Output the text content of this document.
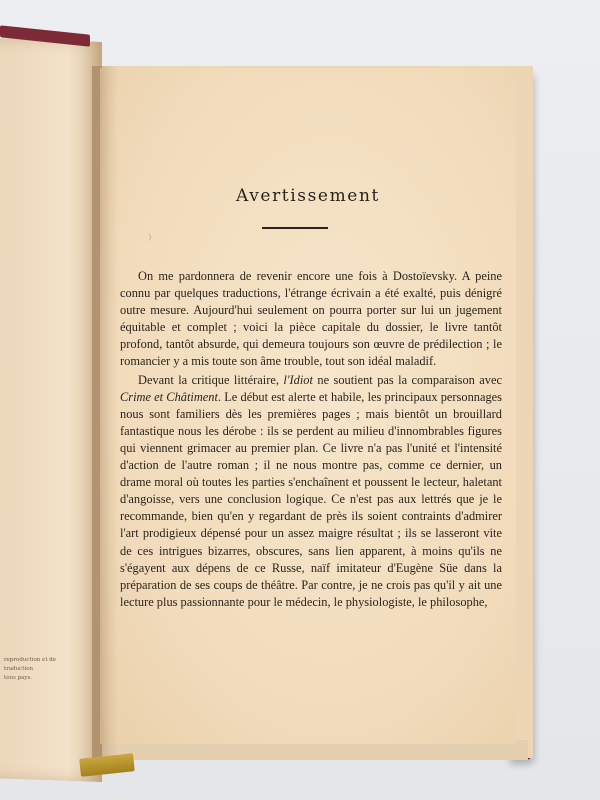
reproduction et de traduction
tous pays.
Avertissement

On me pardonnera de revenir encore une fois à Dostoïevsky. A peine connu par quelques traductions, l'étrange écrivain a été exalté, puis dénigré outre mesure. Aujourd'hui seulement on pourra porter sur lui un jugement équitable et complet ; voici la pièce capitale du dossier, le livre tantôt profond, tantôt absurde, qui demeura toujours son œuvre de prédilection ; le romancier y a mis toute son âme trouble, tout son idéal maladif.

Devant la critique littéraire, l'Idiot ne soutient pas la comparaison avec Crime et Châtiment. Le début est alerte et habile, les principaux personnages nous sont familiers dès les premières pages ; mais bientôt un brouillard fantastique nous les dérobe : ils se perdent au milieu d'innombrables figures qui viennent grimacer au premier plan. Ce livre n'a pas l'unité et l'intensité d'action de l'autre roman ; il ne nous montre pas, comme ce dernier, un drame moral où toutes les parties s'enchaînent et poussent le lecteur, haletant d'angoisse, vers une conclusion logique. Ce n'est pas aux lettrés que je le recommande, bien qu'en y regardant de près ils soient contraints d'admirer l'art prodigieux dépensé pour un assez maigre résultat ; ils se lasseront vite de ces intrigues bizarres, obscures, sans lien apparent, à moins qu'ils ne s'égayent aux dépens de ce Russe, naïf imitateur d'Eugène Süe dans la préparation de ses coups de théâtre. Par contre, je ne crois pas qu'il y ait une lecture plus passionnante pour le médecin, le physiologiste, le philosophe,
